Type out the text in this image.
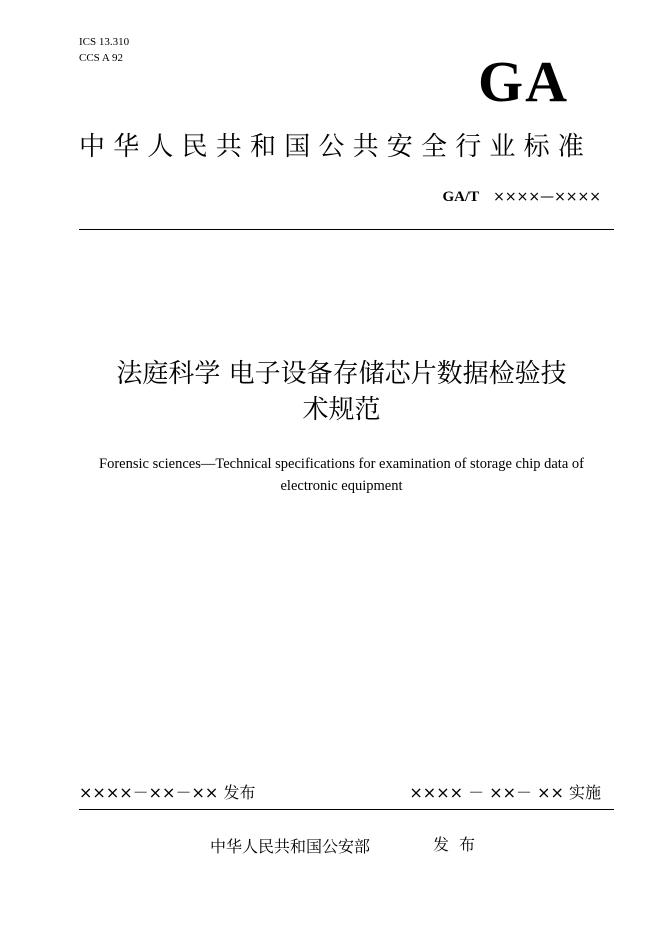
ICS 13.310
CCS A 92	GA
中华人民共和国公共安全行业标准
GA/T ××××—××××
法庭科学 电子设备存储芯片数据检验技
术规范
Forensic sciences—Technical specifications for examination of storage chip data of
electronic equipment
××××－××－×× 发布	×××× － ××－ ×× 实施
中华人民共和国公安部	发布
